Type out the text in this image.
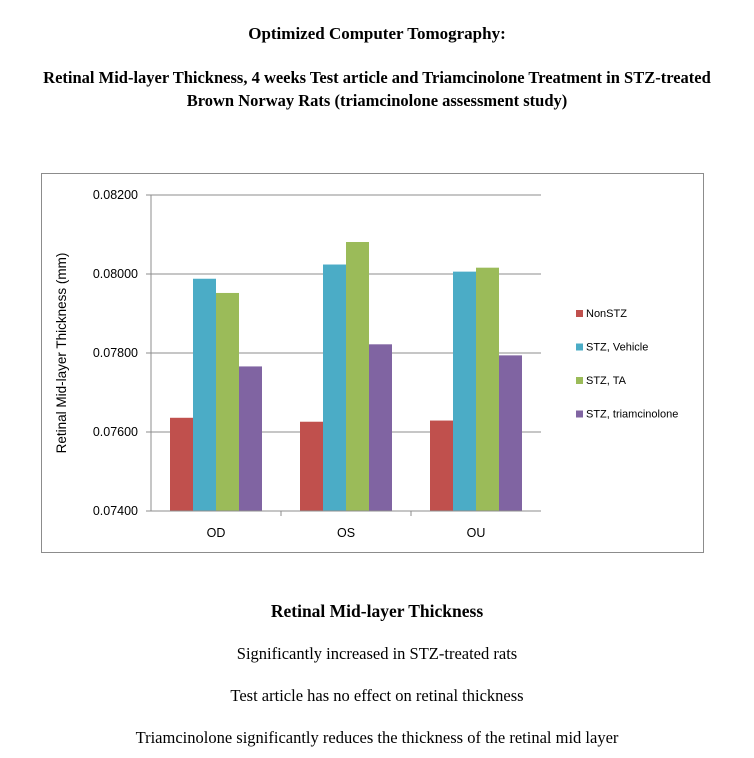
Optimized Computer Tomography:
Retinal Mid-layer Thickness, 4 weeks Test article and Triamcinolone Treatment in STZ-treated Brown Norway Rats (triamcinolone assessment study)
0.07400
0.07600
0.07800
0.08000
0.08200
OD	OS	OU
Retinal Mid-layer Thickness (mm)	NonSTZ
STZ, Vehicle
STZ, TA
STZ, triamcinolone
Retinal Mid-layer Thickness
Significantly increased in STZ-treated rats
Test article has no effect on retinal thickness
Triamcinolone significantly reduces the thickness of the retinal mid layer
